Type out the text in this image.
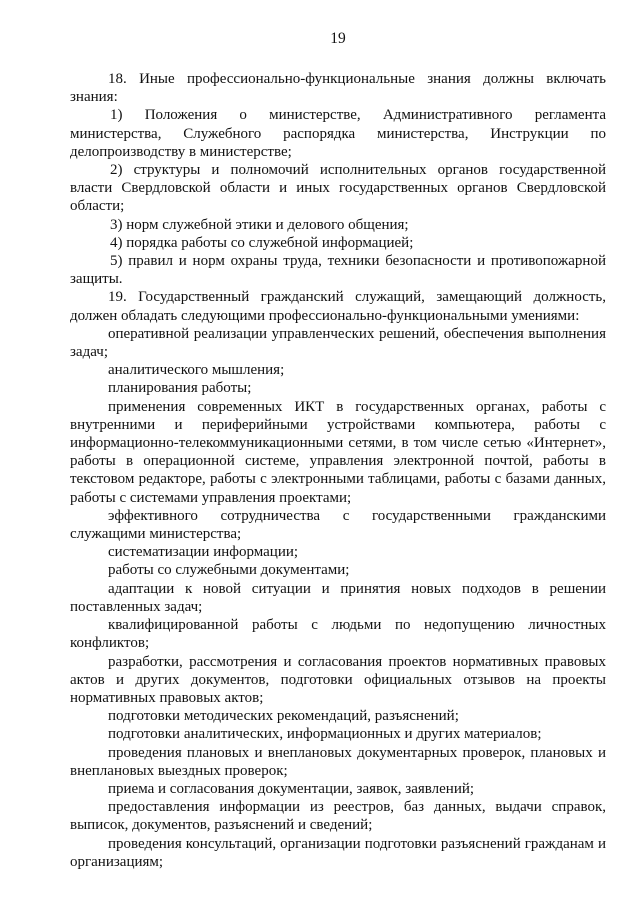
19

18. Иные профессионально-функциональные знания должны включать знания:

1) Положения о министерстве, Административного регламента министерства, Служебного распорядка министерства, Инструкции по делопроизводству в министерстве;

2) структуры и полномочий исполнительных органов государственной власти Свердловской области и иных государственных органов Свердловской области;

3) норм служебной этики и делового общения;

4) порядка работы со служебной информацией;

5) правил и норм охраны труда, техники безопасности и противопожарной защиты.

19. Государственный гражданский служащий, замещающий должность, должен обладать следующими профессионально-функциональными умениями:

оперативной реализации управленческих решений, обеспечения выполнения задач;

аналитического мышления;

планирования работы;

применения современных ИКТ в государственных органах, работы с внутренними и периферийными устройствами компьютера, работы с информационно-телекоммуникационными сетями, в том числе сетью «Интернет», работы в операционной системе, управления электронной почтой, работы в текстовом редакторе, работы с электронными таблицами, работы с базами данных, работы с системами управления проектами;

эффективного сотрудничества с государственными гражданскими служащими министерства;

систематизации информации;

работы со служебными документами;

адаптации к новой ситуации и принятия новых подходов в решении поставленных задач;

квалифицированной работы с людьми по недопущению личностных конфликтов;

разработки, рассмотрения и согласования проектов нормативных правовых актов и других документов, подготовки официальных отзывов на проекты нормативных правовых актов;

подготовки методических рекомендаций, разъяснений;

подготовки аналитических, информационных и других материалов;

проведения плановых и внеплановых документарных проверок, плановых и внеплановых выездных проверок;

приема и согласования документации, заявок, заявлений;

предоставления информации из реестров, баз данных, выдачи справок, выписок, документов, разъяснений и сведений;

проведения консультаций, организации подготовки разъяснений гражданам и организациям;
